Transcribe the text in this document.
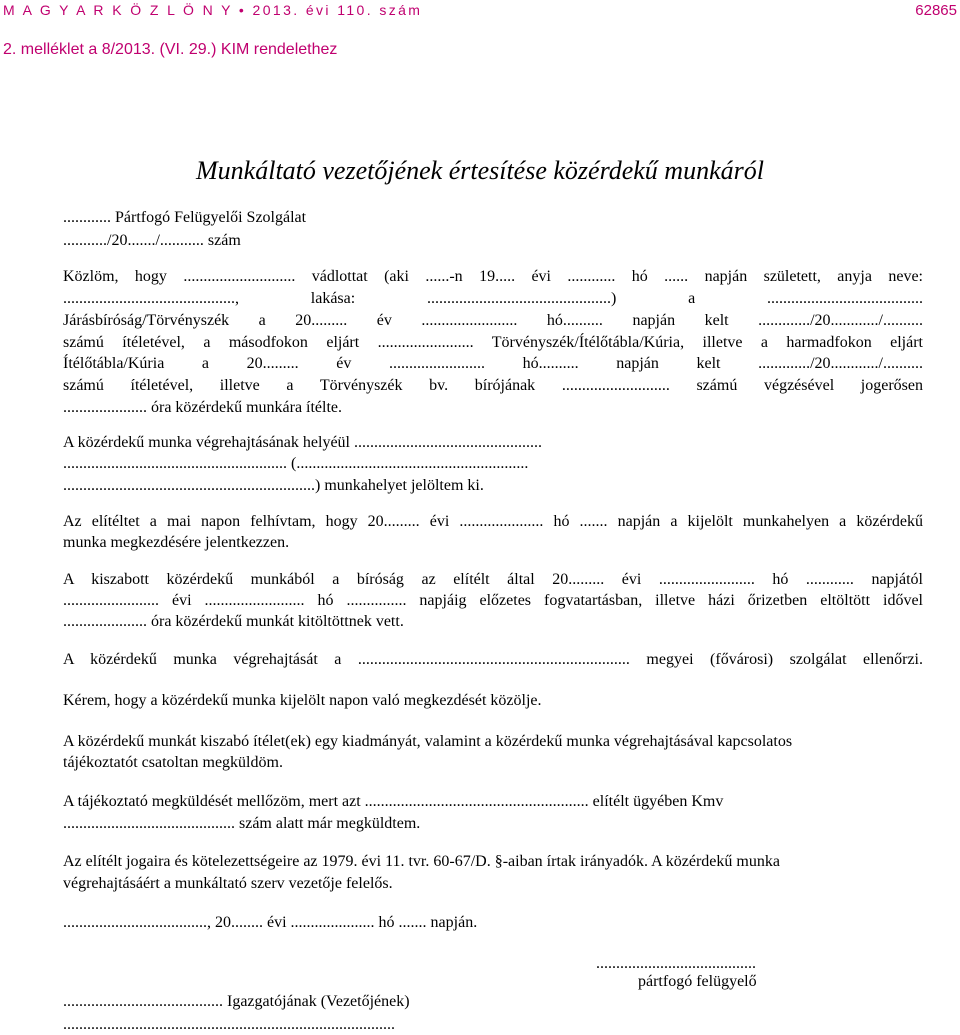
M A G Y A R K Ö Z L Ö N Y • 2013. évi 110. szám	62865
2. melléklet a 8/2013. (VI. 29.) KIM rendelethez
Munkáltató vezetőjének értesítése közérdekű munkáról
............ Pártfogó Felügyelői Szolgálat
.........../20......./........... szám
Közlöm, hogy ............................ vádlottat (aki ......-n 19..... évi ............ hó ...... napján született, anyja neve:
..........................................., lakása: ..............................................) a .......................................
Járásbíróság/Törvényszék a 20......... év ........................ hó.......... napján kelt ............./20............/..........
számú ítéletével, a másodfokon eljárt ........................ Törvényszék/Ítélőtábla/Kúria, illetve a harmadfokon eljárt
Ítélőtábla/Kúria a 20......... év ........................ hó.......... napján kelt ............./20............/..........
számú ítéletével, illetve a Törvényszék bv. bírójának ........................... számú végzésével jogerősen
..................... óra közérdekű munkára ítélte.
A közérdekű munka végrehajtásának helyéül ...............................................
........................................................ (..........................................................
...............................................................) munkahelyet jelöltem ki.
Az elítéltet a mai napon felhívtam, hogy 20......... évi ..................... hó ....... napján a kijelölt munkahelyen a közérdekű
munka megkezdésére jelentkezzen.
A kiszabott közérdekű munkából a bíróság az elítélt által 20......... évi ........................ hó ............ napjától
........................ évi ......................... hó ............... napjáig előzetes fogvatartásban, illetve házi őrizetben eltöltött idővel
..................... óra közérdekű munkát kitöltöttnek vett.
A közérdekű munka végrehajtását a .................................................................... megyei (fővárosi) szolgálat ellenőrzi.
Kérem, hogy a közérdekű munka kijelölt napon való megkezdését közölje.
A közérdekű munkát kiszabó ítélet(ek) egy kiadmányát, valamint a közérdekű munka végrehajtásával kapcsolatos
tájékoztatót csatoltan megküldöm.
A tájékoztató megküldését mellőzöm, mert azt ........................................................ elítélt ügyében Kmv
........................................... szám alatt már megküldtem.
Az elítélt jogaira és kötelezettségeire az 1979. évi 11. tvr. 60-67/D. §-aiban írtak irányadók. A közérdekű munka
végrehajtásáért a munkáltató szerv vezetője felelős.
...................................., 20........ évi ..................... hó ....... napján.
........................................ Igazgatójának (Vezetőjének)
...................................................................................
........................................
pártfogó felügyelő
